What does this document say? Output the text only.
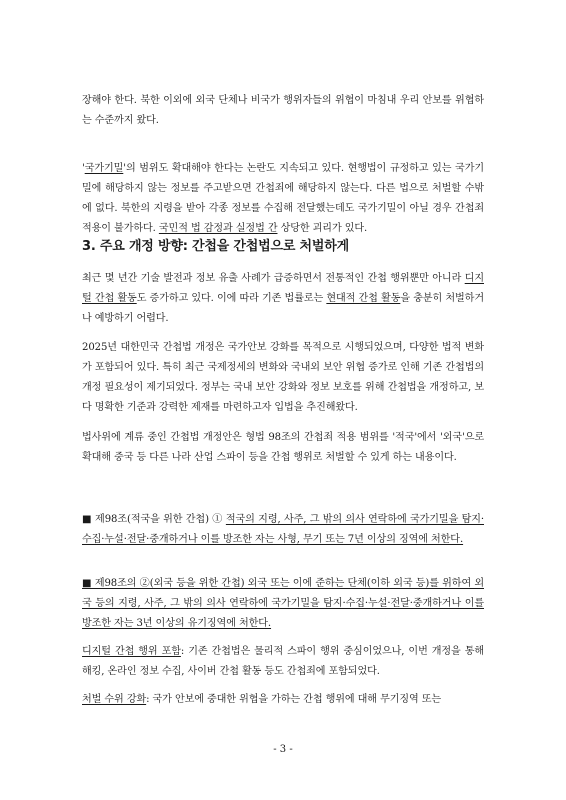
장해야 한다. 북한 이외에 외국 단체나 비국가 행위자들의 위협이 마침내 우리 안보를 위협하는 수준까지 왔다.

'국가기밀'의 범위도 확대해야 한다는 논란도 지속되고 있다. 현행법이 규정하고 있는 국가기밀에 해당하지 않는 정보를 주고받으면 간첩죄에 해당하지 않는다. 다른 법으로 처벌할 수밖에 없다. 북한의 지령을 받아 각종 정보를 수집해 전달했는데도 국가기밀이 아닐 경우 간첩죄 적용이 불가하다. 국민적 법 감정과 실정법 간 상당한 괴리가 있다.

3. 주요 개정 방향: 간첩을 간첩법으로 처벌하게

최근 몇 년간 기술 발전과 정보 유출 사례가 급증하면서 전통적인 간첩 행위뿐만 아니라 디지털 간첩 활동도 증가하고 있다. 이에 따라 기존 법률로는 현대적 간첩 활동을 충분히 처벌하거나 예방하기 어렵다.

2025년 대한민국 간첩법 개정은 국가안보 강화를 목적으로 시행되었으며, 다양한 법적 변화가 포함되어 있다. 특히 최근 국제정세의 변화와 국내외 보안 위협 증가로 인해 기존 간첩법의 개정 필요성이 제기되었다. 정부는 국내 보안 강화와 정보 보호를 위해 간첩법을 개정하고, 보다 명확한 기준과 강력한 제재를 마련하고자 입법을 추진해왔다.

법사위에 계류 중인 간첩법 개정안은 형법 98조의 간첩죄 적용 범위를 '적국'에서 '외국'으로 확대해 중국 등 다른 나라 산업 스파이 등을 간첩 행위로 처벌할 수 있게 하는 내용이다.

■ 제98조(적국을 위한 간첩) ① 적국의 지령, 사주, 그 밖의 의사 연락하에 국가기밀을 탐지·수집·누설·전달·중개하거나 이를 방조한 자는 사형, 무기 또는 7년 이상의 징역에 처한다.

■ 제98조의 ②(외국 등을 위한 간첩) 외국 또는 이에 준하는 단체(이하 외국 등)를 위하여 외국 등의 지령, 사주, 그 밖의 의사 연락하에 국가기밀을 탐지·수집·누설·전달·중개하거나 이를 방조한 자는 3년 이상의 유기징역에 처한다.

디지털 간첩 행위 포함: 기존 간첩법은 물리적 스파이 행위 중심이었으나, 이번 개정을 통해 해킹, 온라인 정보 수집, 사이버 간첩 활동 등도 간첩죄에 포함되었다.

처벌 수위 강화: 국가 안보에 중대한 위협을 가하는 간첩 행위에 대해 무기징역 또는

- 3 -
